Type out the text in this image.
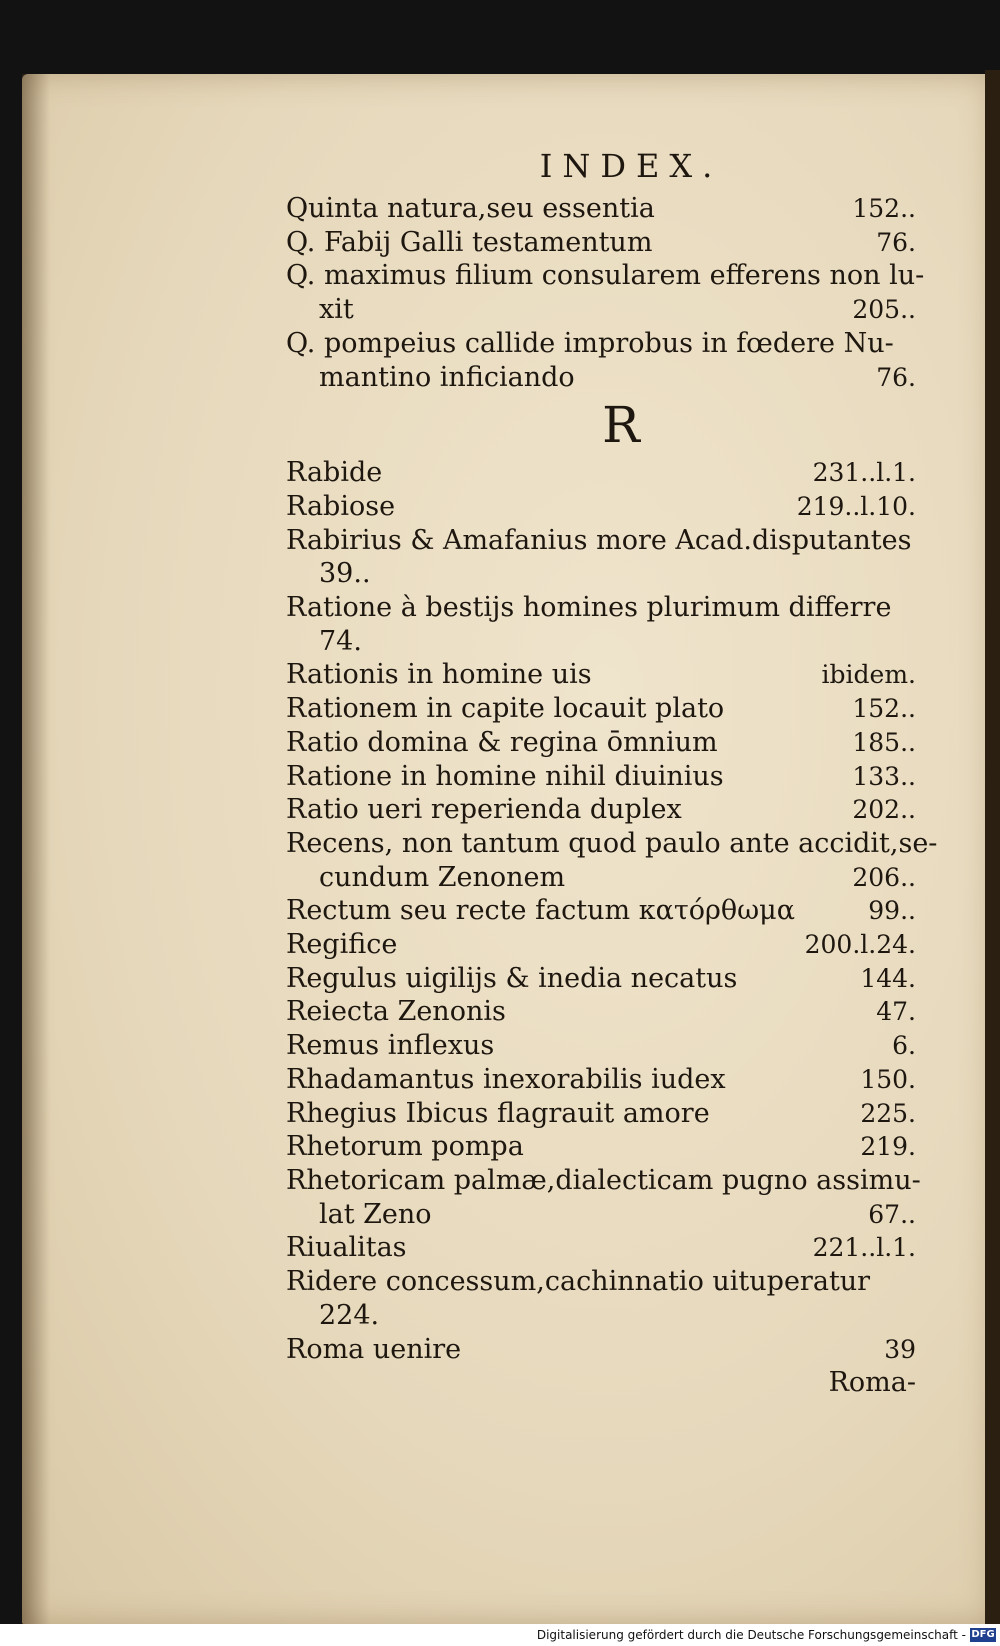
INDEX.
Quinta natura,seu essentia	152..
Q. Fabij Galli testamentum	76.
Q. maximus filium consularem efferens non lu-
xit	205..
Q. pompeius callide improbus in fœdere Nu-
mantino inficiando	76.
R
Rabide	231..l.1.
Rabiose	219..l.10.
Rabirius & Amafanius more Acad.disputantes
39..
Ratione à bestijs homines plurimum differre
74.
Rationis in homine uis	ibidem.
Rationem in capite locauit plato	152..
Ratio domina & regina ōmnium	185..
Ratione in homine nihil diuinius	133..
Ratio ueri reperienda duplex	202..
Recens, non tantum quod paulo ante accidit,se-
cundum Zenonem	206..
Rectum seu recte factum κατόρθωμα	99..
Regifice	200.l.24.
Regulus uigilijs & inedia necatus	144.
Reiecta Zenonis	47.
Remus inflexus	6.
Rhadamantus inexorabilis iudex	150.
Rhegius Ibicus flagrauit amore	225.
Rhetorum pompa	219.
Rhetoricam palmæ,dialecticam pugno assimu-
lat Zeno	67..
Riualitas	221..l.1.
Ridere concessum,cachinnatio uituperatur
224.
Roma uenire	39
Roma-
Digitalisierung gefördert durch die Deutsche Forschungsgemeinschaft - DFG
